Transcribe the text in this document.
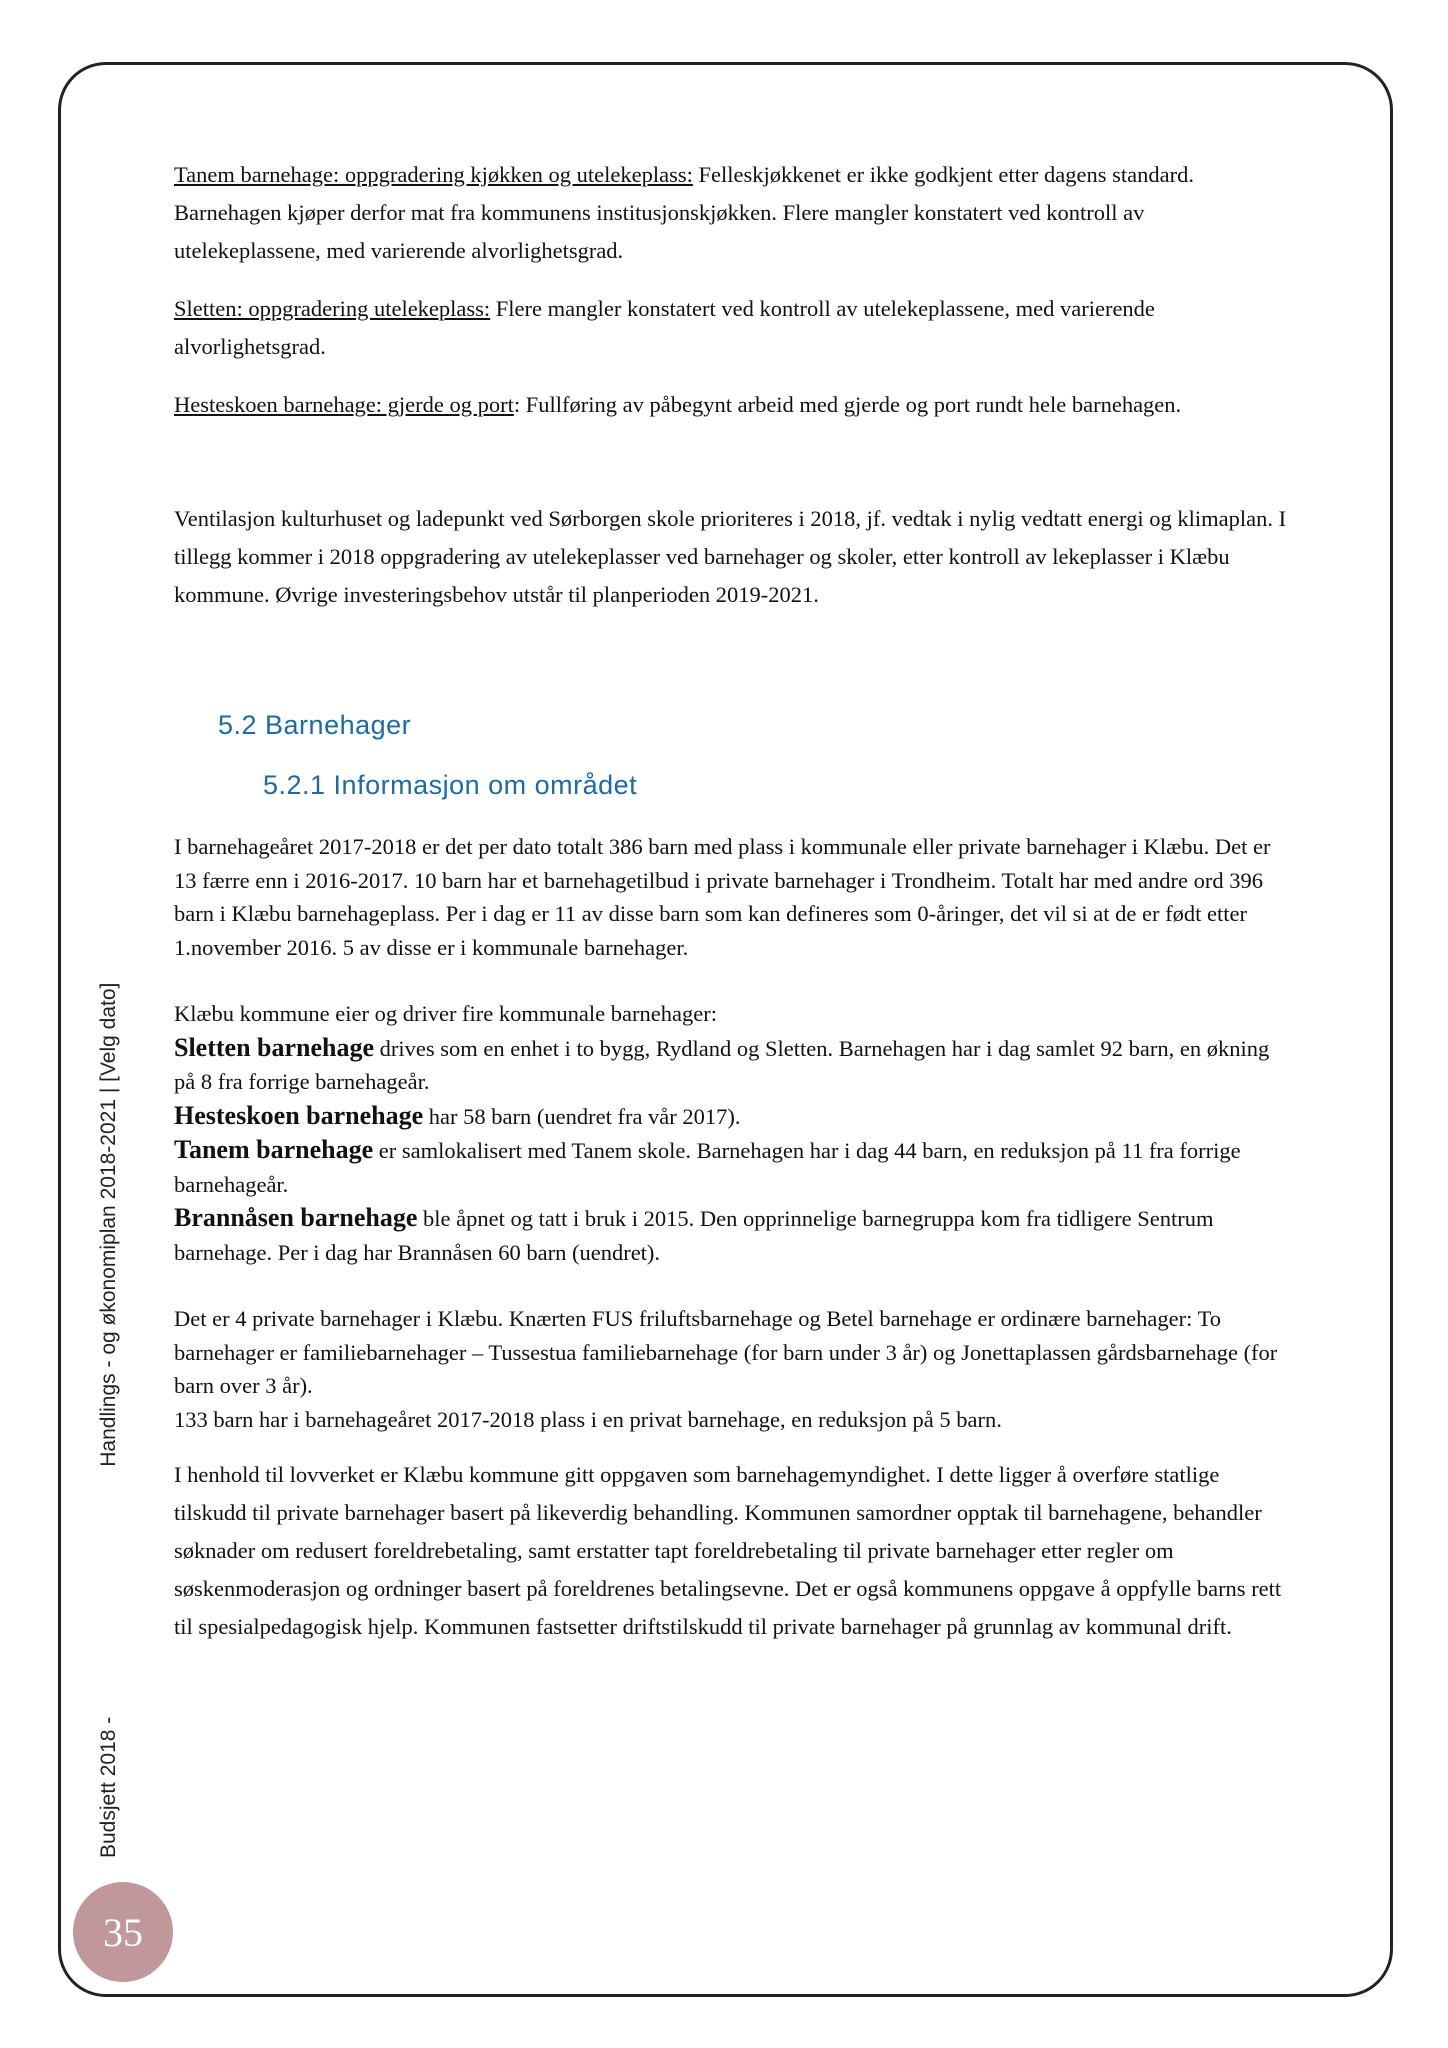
Budsjett 2018 -Handlings - og økonomiplan 2018-2021 | [Velg dato]
35

Tanem barnehage: oppgradering kjøkken og utelekeplass: Felleskjøkkenet er ikke godkjent etter dagens standard. Barnehagen kjøper derfor mat fra kommunens institusjonskjøkken. Flere mangler konstatert ved kontroll av utelekeplassene, med varierende alvorlighetsgrad.

Sletten: oppgradering utelekeplass: Flere mangler konstatert ved kontroll av utelekeplassene, med varierende alvorlighetsgrad.

Hesteskoen barnehage: gjerde og port: Fullføring av påbegynt arbeid med gjerde og port rundt hele barnehagen.

Ventilasjon kulturhuset og ladepunkt ved Sørborgen skole prioriteres i 2018, jf. vedtak i nylig vedtatt energi og klimaplan. I tillegg kommer i 2018 oppgradering av utelekeplasser ved barnehager og skoler, etter kontroll av lekeplasser i Klæbu kommune. Øvrige investeringsbehov utstår til planperioden 2019-2021.

5.2 Barnehager
5.2.1 Informasjon om området

I barnehageåret 2017-2018 er det per dato totalt 386 barn med plass i kommunale eller private barnehager i Klæbu. Det er 13 færre enn i 2016-2017. 10 barn har et barnehagetilbud i private barnehager i Trondheim. Totalt har med andre ord 396 barn i Klæbu barnehageplass. Per i dag er 11 av disse barn som kan defineres som 0-åringer, det vil si at de er født etter 1.november 2016. 5 av disse er i kommunale barnehager.

Klæbu kommune eier og driver fire kommunale barnehager:
Sletten barnehage drives som en enhet i to bygg, Rydland og Sletten. Barnehagen har i dag samlet 92 barn, en økning på 8 fra forrige barnehageår.
Hesteskoen barnehage har 58 barn (uendret fra vår 2017).
Tanem barnehage er samlokalisert med Tanem skole. Barnehagen har i dag 44 barn, en reduksjon på 11 fra forrige barnehageår.
Brannåsen barnehage ble åpnet og tatt i bruk i 2015. Den opprinnelige barnegruppa kom fra tidligere Sentrum barnehage. Per i dag har Brannåsen 60 barn (uendret).
Det er 4 private barnehager i Klæbu. Knærten FUS friluftsbarnehage og Betel barnehage er ordinære barnehager: To barnehager er familiebarnehager – Tussestua familiebarnehage (for barn under 3 år) og Jonettaplassen gårdsbarnehage (for barn over 3 år).
133 barn har i barnehageåret 2017-2018 plass i en privat barnehage, en reduksjon på 5 barn.

I henhold til lovverket er Klæbu kommune gitt oppgaven som barnehagemyndighet. I dette ligger å overføre statlige tilskudd til private barnehager basert på likeverdig behandling. Kommunen samordner opptak til barnehagene, behandler søknader om redusert foreldrebetaling, samt erstatter tapt foreldrebetaling til private barnehager etter regler om søskenmoderasjon og ordninger basert på foreldrenes betalingsevne. Det er også kommunens oppgave å oppfylle barns rett til spesialpedagogisk hjelp. Kommunen fastsetter driftstilskudd til private barnehager på grunnlag av kommunal drift.
